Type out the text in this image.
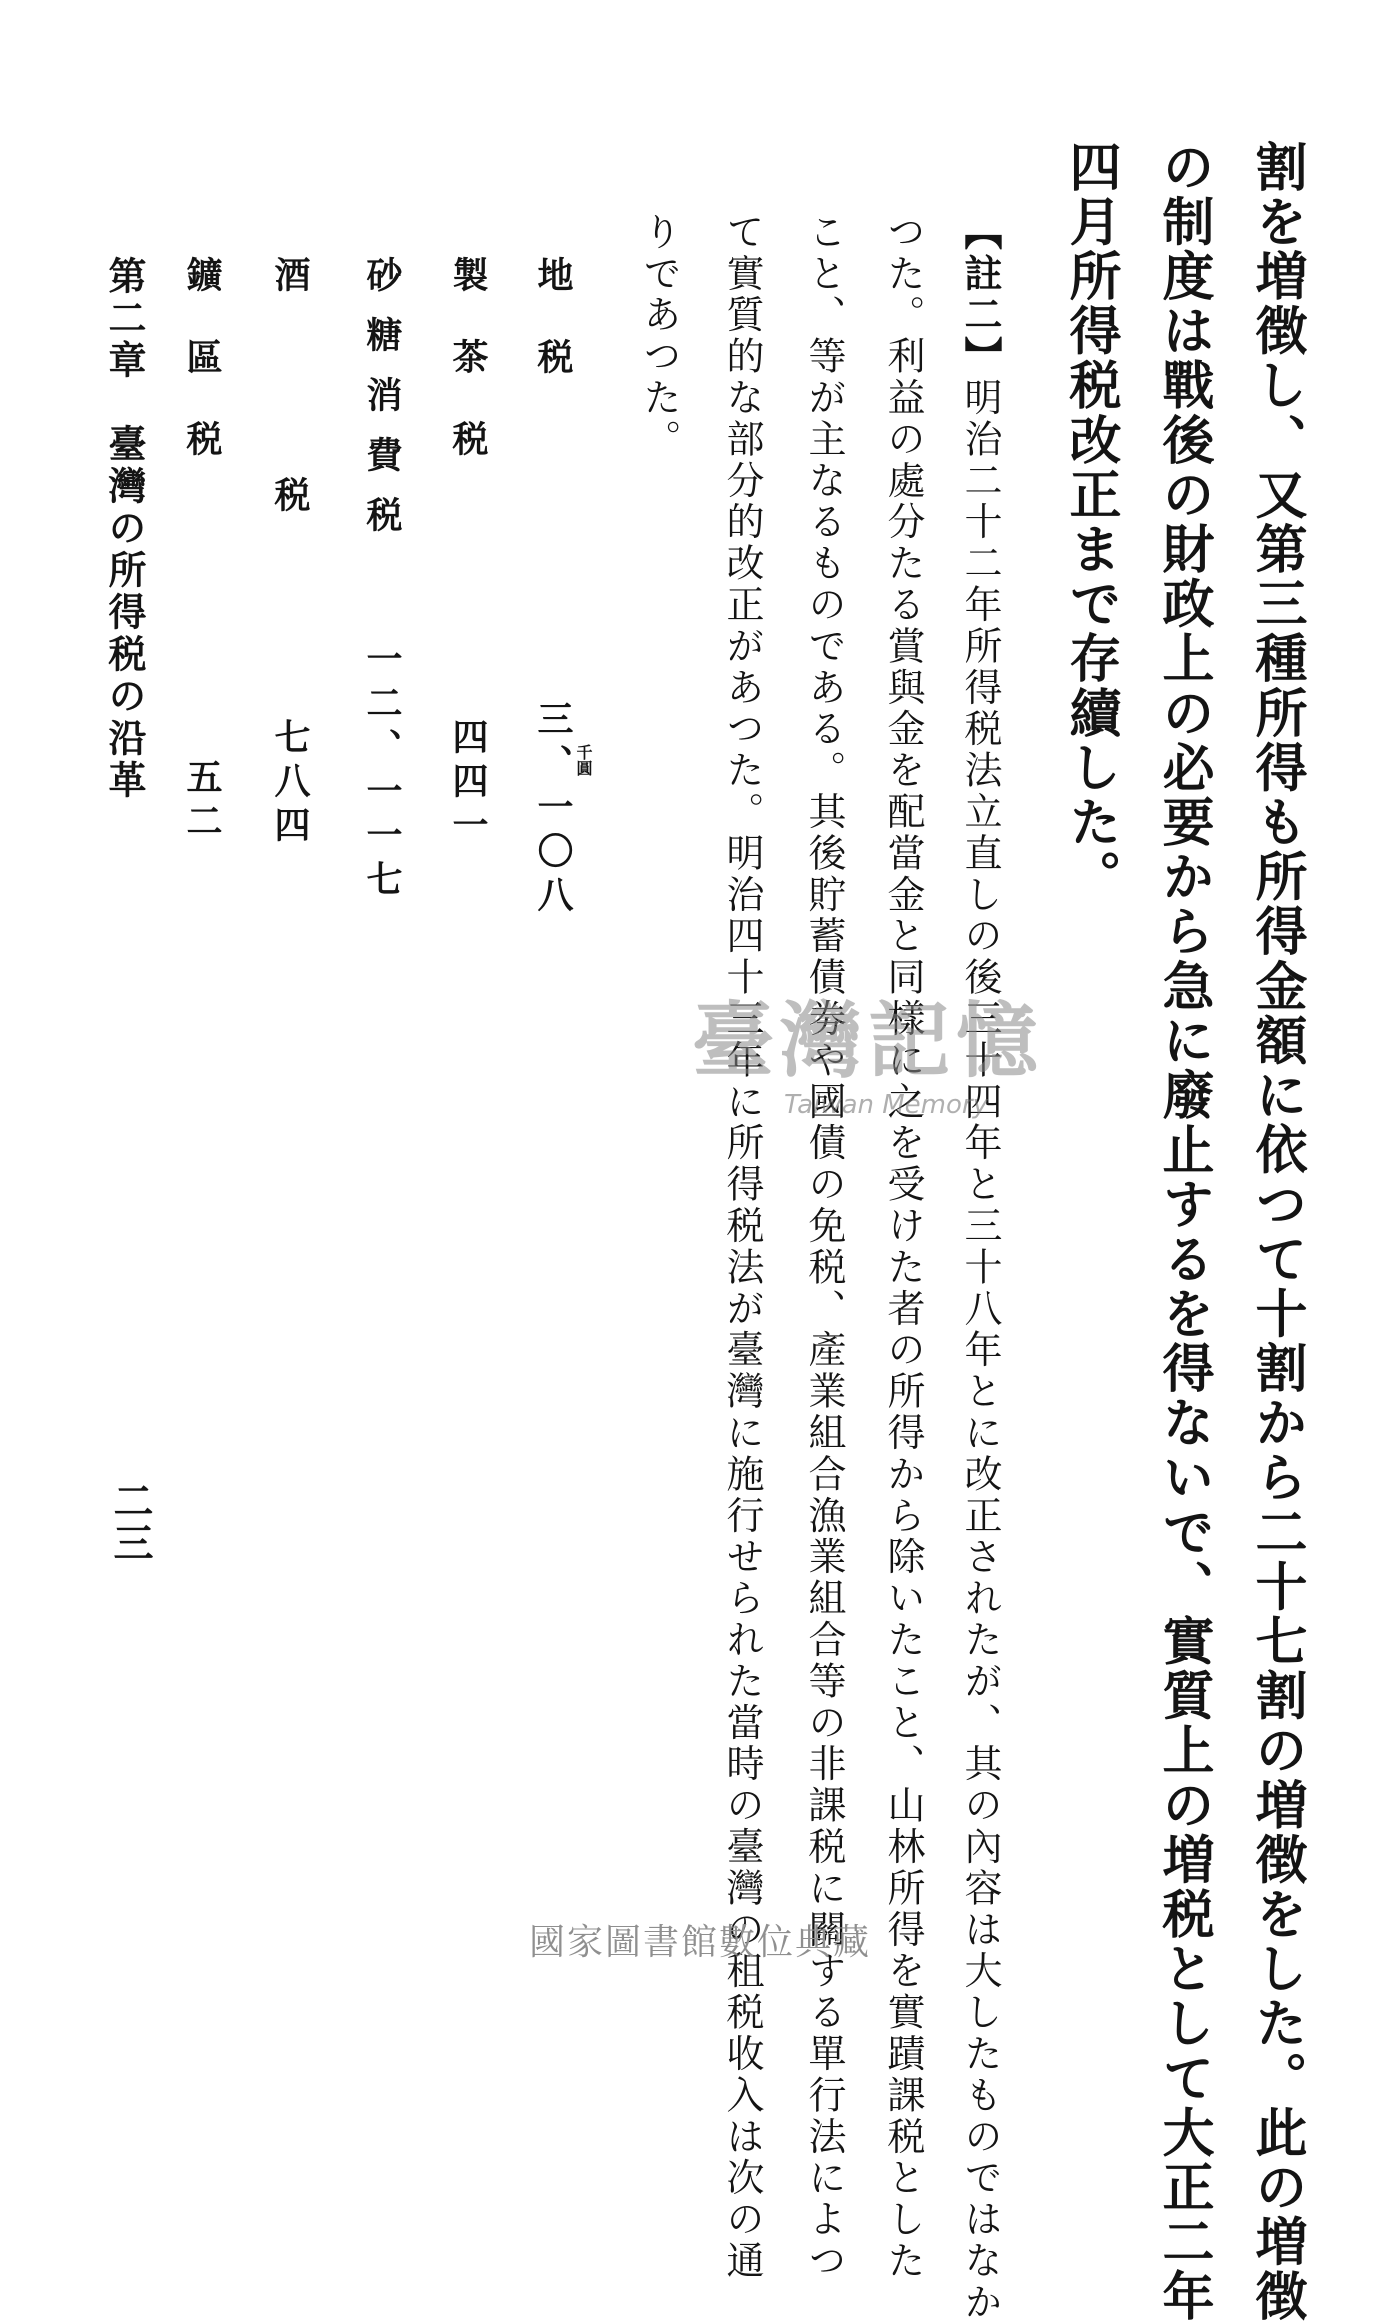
割を増徴し、又第三種所得も所得金額に依つて十割から二十七割の増徴をした。此の増徴
の制度は戰後の財政上の必要から急に廢止するを得ないで、實質上の増税として大正二年
四月所得税改正まで存續した。
【註二】明治二十二年所得税法立直しの後三十四年と三十八年とに改正されたが、其の內容は大したものではなか
つた。利益の處分たる賞與金を配當金と同樣に之を受けた者の所得から除いたこと、山林所得を實蹟課税とした
こと、等が主なるものである。其後貯蓄債劵や國債の免税、產業組合漁業組合等の非課税に關する單行法によつ
て實質的な部分的改正があつた。明治四十三年に所得税法が臺灣に施行せられた當時の臺灣の租税收入は次の通
りであつた。
地税
三、一〇八 千圓
製茶税
四四一
砂糖消費税
一二、一一七
酒税
七八四
鑛區税
五二
第二章　臺灣の所得税の沿革
二三
臺灣記憶
Taiwan Memory
國家圖書館數位典藏
